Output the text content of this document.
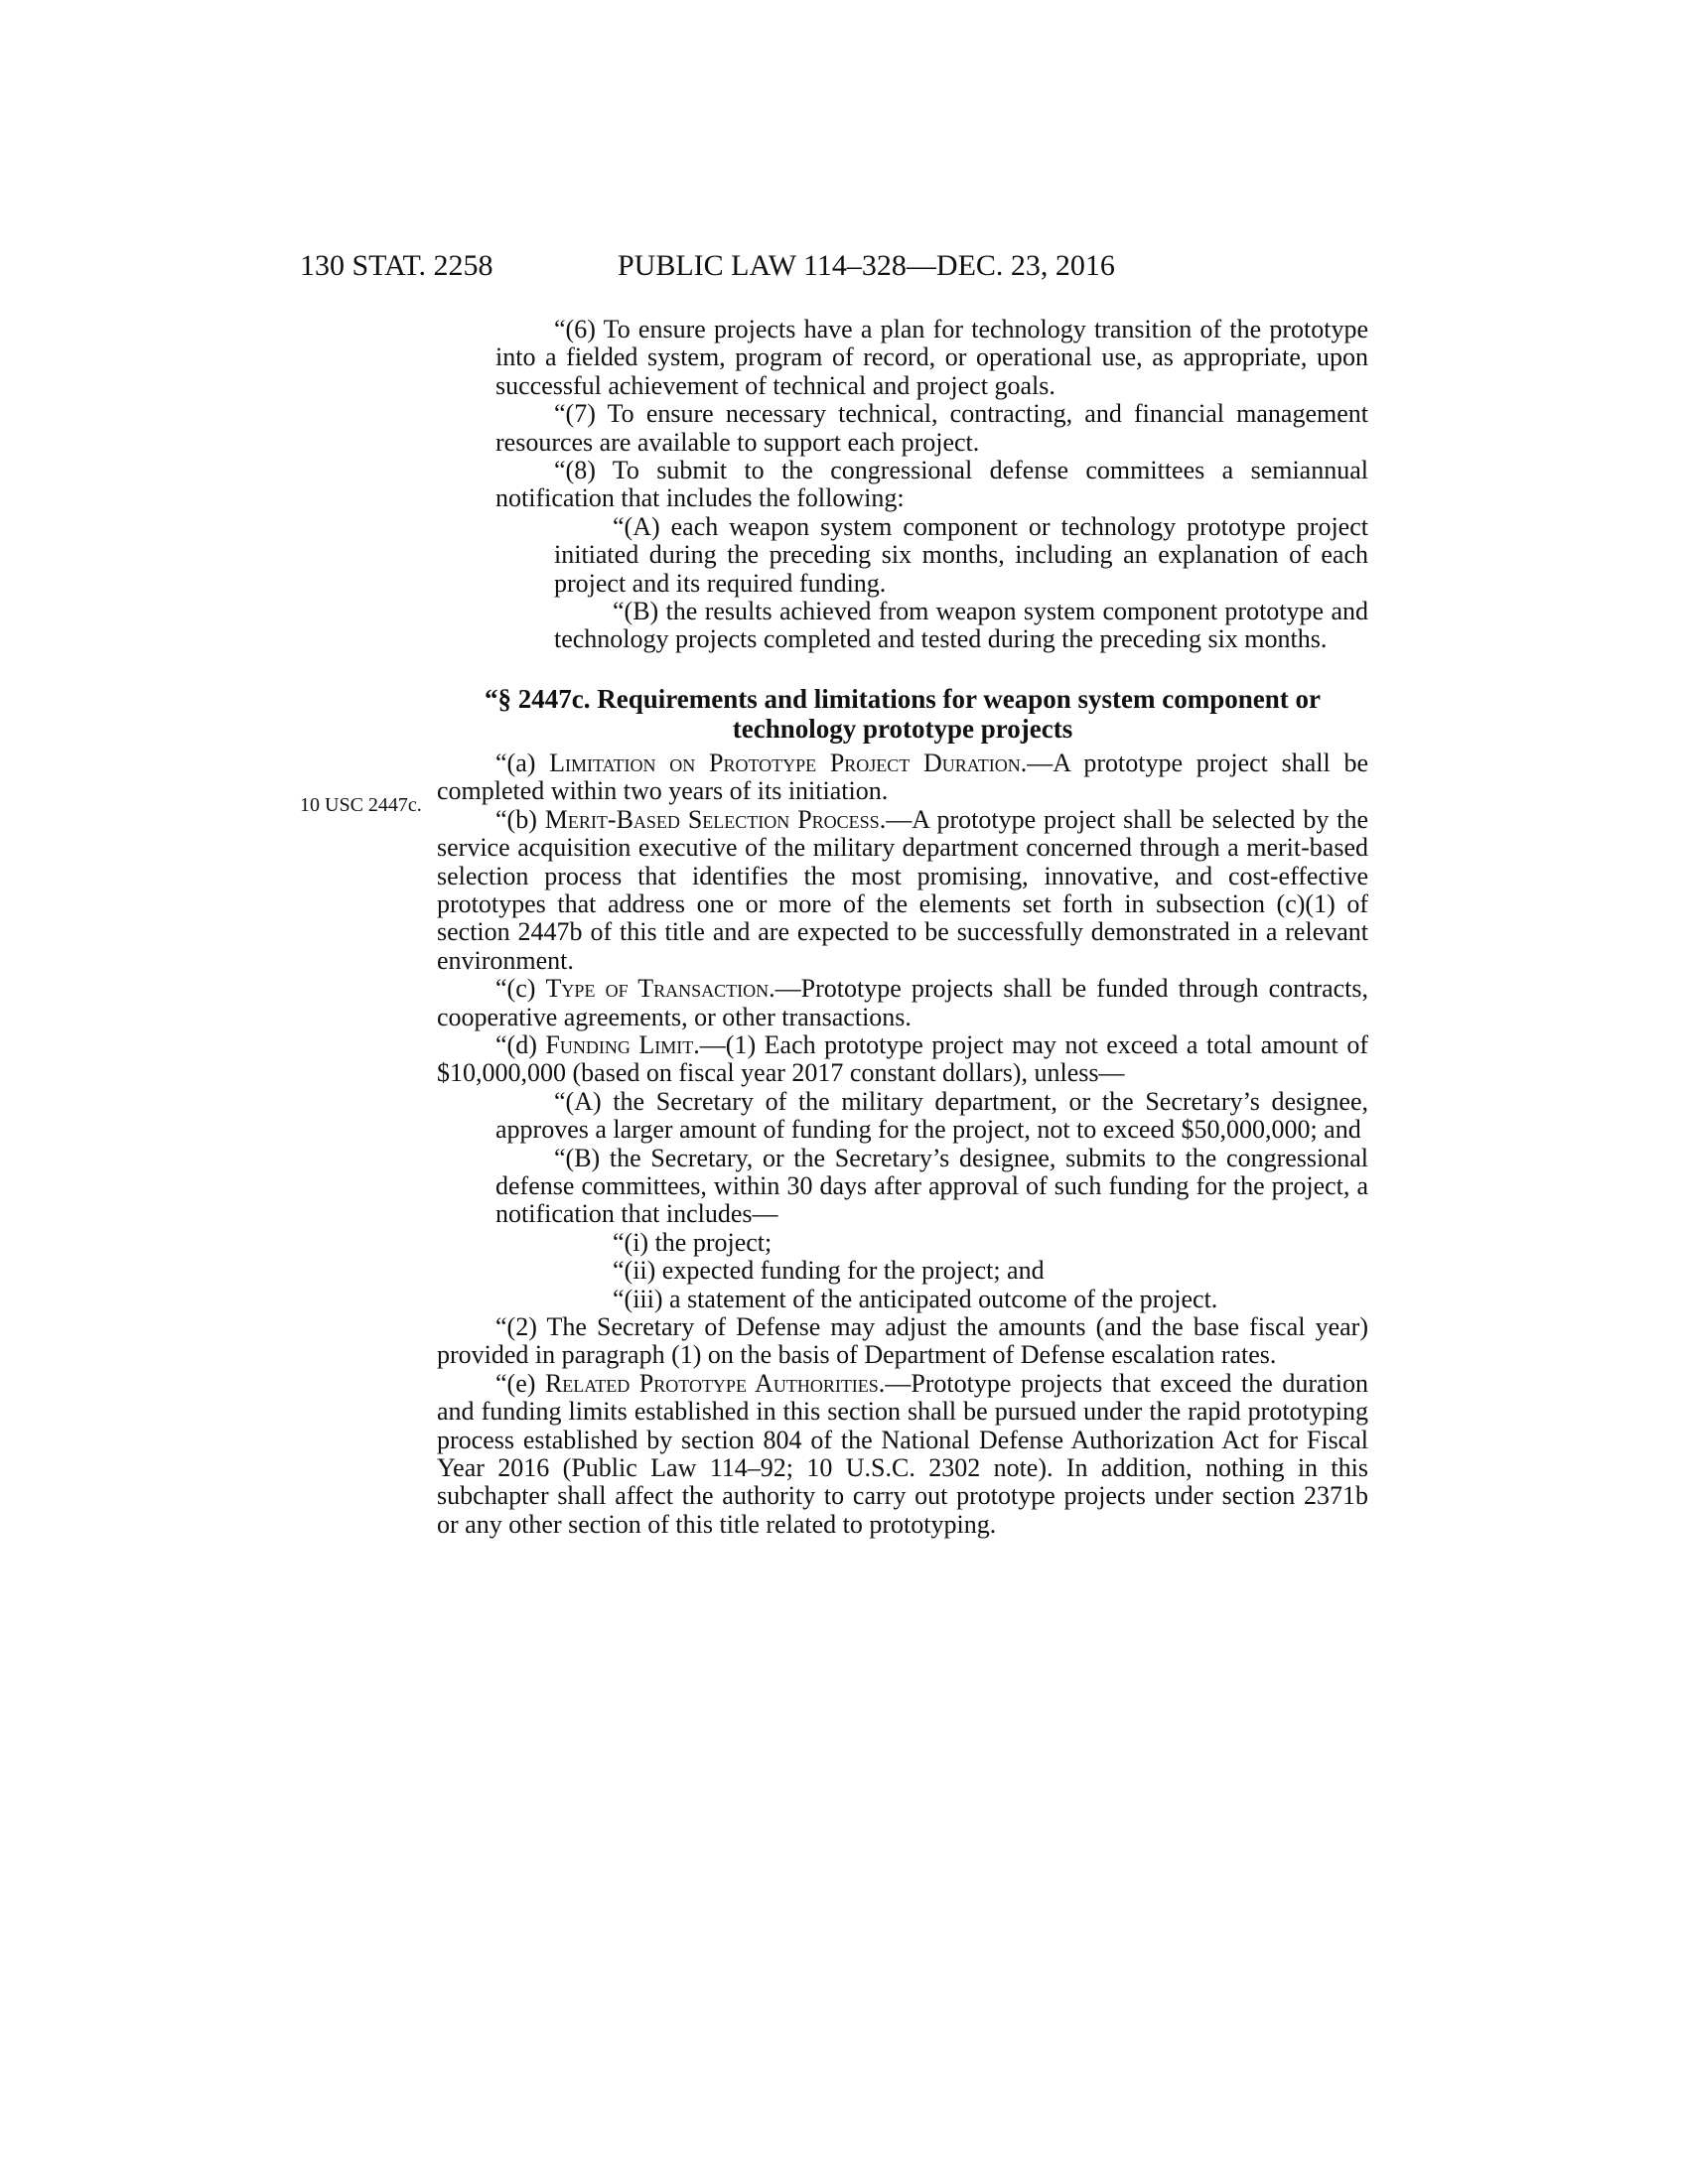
130 STAT. 2258	PUBLIC LAW 114–328—DEC. 23, 2016
10 USC 2447c.

“(6) To ensure projects have a plan for technology transition of the prototype into a fielded system, program of record, or operational use, as appropriate, upon successful achievement of technical and project goals.

“(7) To ensure necessary technical, contracting, and financial management resources are available to support each project.

“(8) To submit to the congressional defense committees a semiannual notification that includes the following:

“(A) each weapon system component or technology prototype project initiated during the preceding six months, including an explanation of each project and its required funding.

“(B) the results achieved from weapon system component prototype and technology projects completed and tested during the preceding six months.

“§ 2447c. Requirements and limitations for weapon system component or technology prototype projects

“(a) Limitation on Prototype Project Duration.—A prototype project shall be completed within two years of its initiation.

“(b) Merit-Based Selection Process.—A prototype project shall be selected by the service acquisition executive of the military department concerned through a merit-based selection process that identifies the most promising, innovative, and cost-effective prototypes that address one or more of the elements set forth in subsection (c)(1) of section 2447b of this title and are expected to be successfully demonstrated in a relevant environment.

“(c) Type of Transaction.—Prototype projects shall be funded through contracts, cooperative agreements, or other transactions.

“(d) Funding Limit.—(1) Each prototype project may not exceed a total amount of $10,000,000 (based on fiscal year 2017 constant dollars), unless—

“(A) the Secretary of the military department, or the Secretary’s designee, approves a larger amount of funding for the project, not to exceed $50,000,000; and

“(B) the Secretary, or the Secretary’s designee, submits to the congressional defense committees, within 30 days after approval of such funding for the project, a notification that includes—

“(i) the project;

“(ii) expected funding for the project; and

“(iii) a statement of the anticipated outcome of the project.

“(2) The Secretary of Defense may adjust the amounts (and the base fiscal year) provided in paragraph (1) on the basis of Department of Defense escalation rates.

“(e) Related Prototype Authorities.—Prototype projects that exceed the duration and funding limits established in this section shall be pursued under the rapid prototyping process established by section 804 of the National Defense Authorization Act for Fiscal Year 2016 (Public Law 114–92; 10 U.S.C. 2302 note). In addition, nothing in this subchapter shall affect the authority to carry out prototype projects under section 2371b or any other section of this title related to prototyping.
